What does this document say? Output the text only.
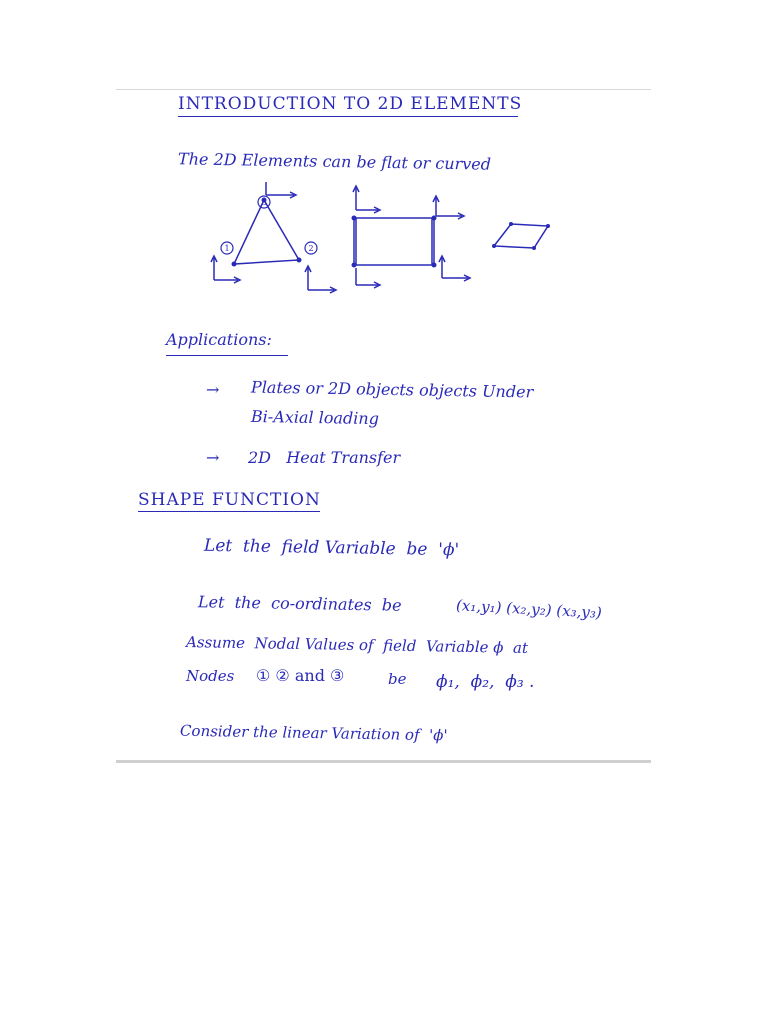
INTRODUCTION TO 2D ELEMENTS
The 2D Elements can be flat or curved
3
1	2
Applications:
→ Plates or 2D objects objects Under
Bi-Axial loading
→ 2D   Heat Transfer
SHAPE FUNCTION
Let  the  field Variable  be  'ϕ'
Let  the  co-ordinates  be	(x₁,y₁) (x₂,y₂) (x₃,y₃)
Assume  Nodal Values of  field  Variable ϕ  at
Nodes ① ② and ③	be ϕ₁,  ϕ₂,  ϕ₃ .
Consider the linear Variation of  'ϕ'
